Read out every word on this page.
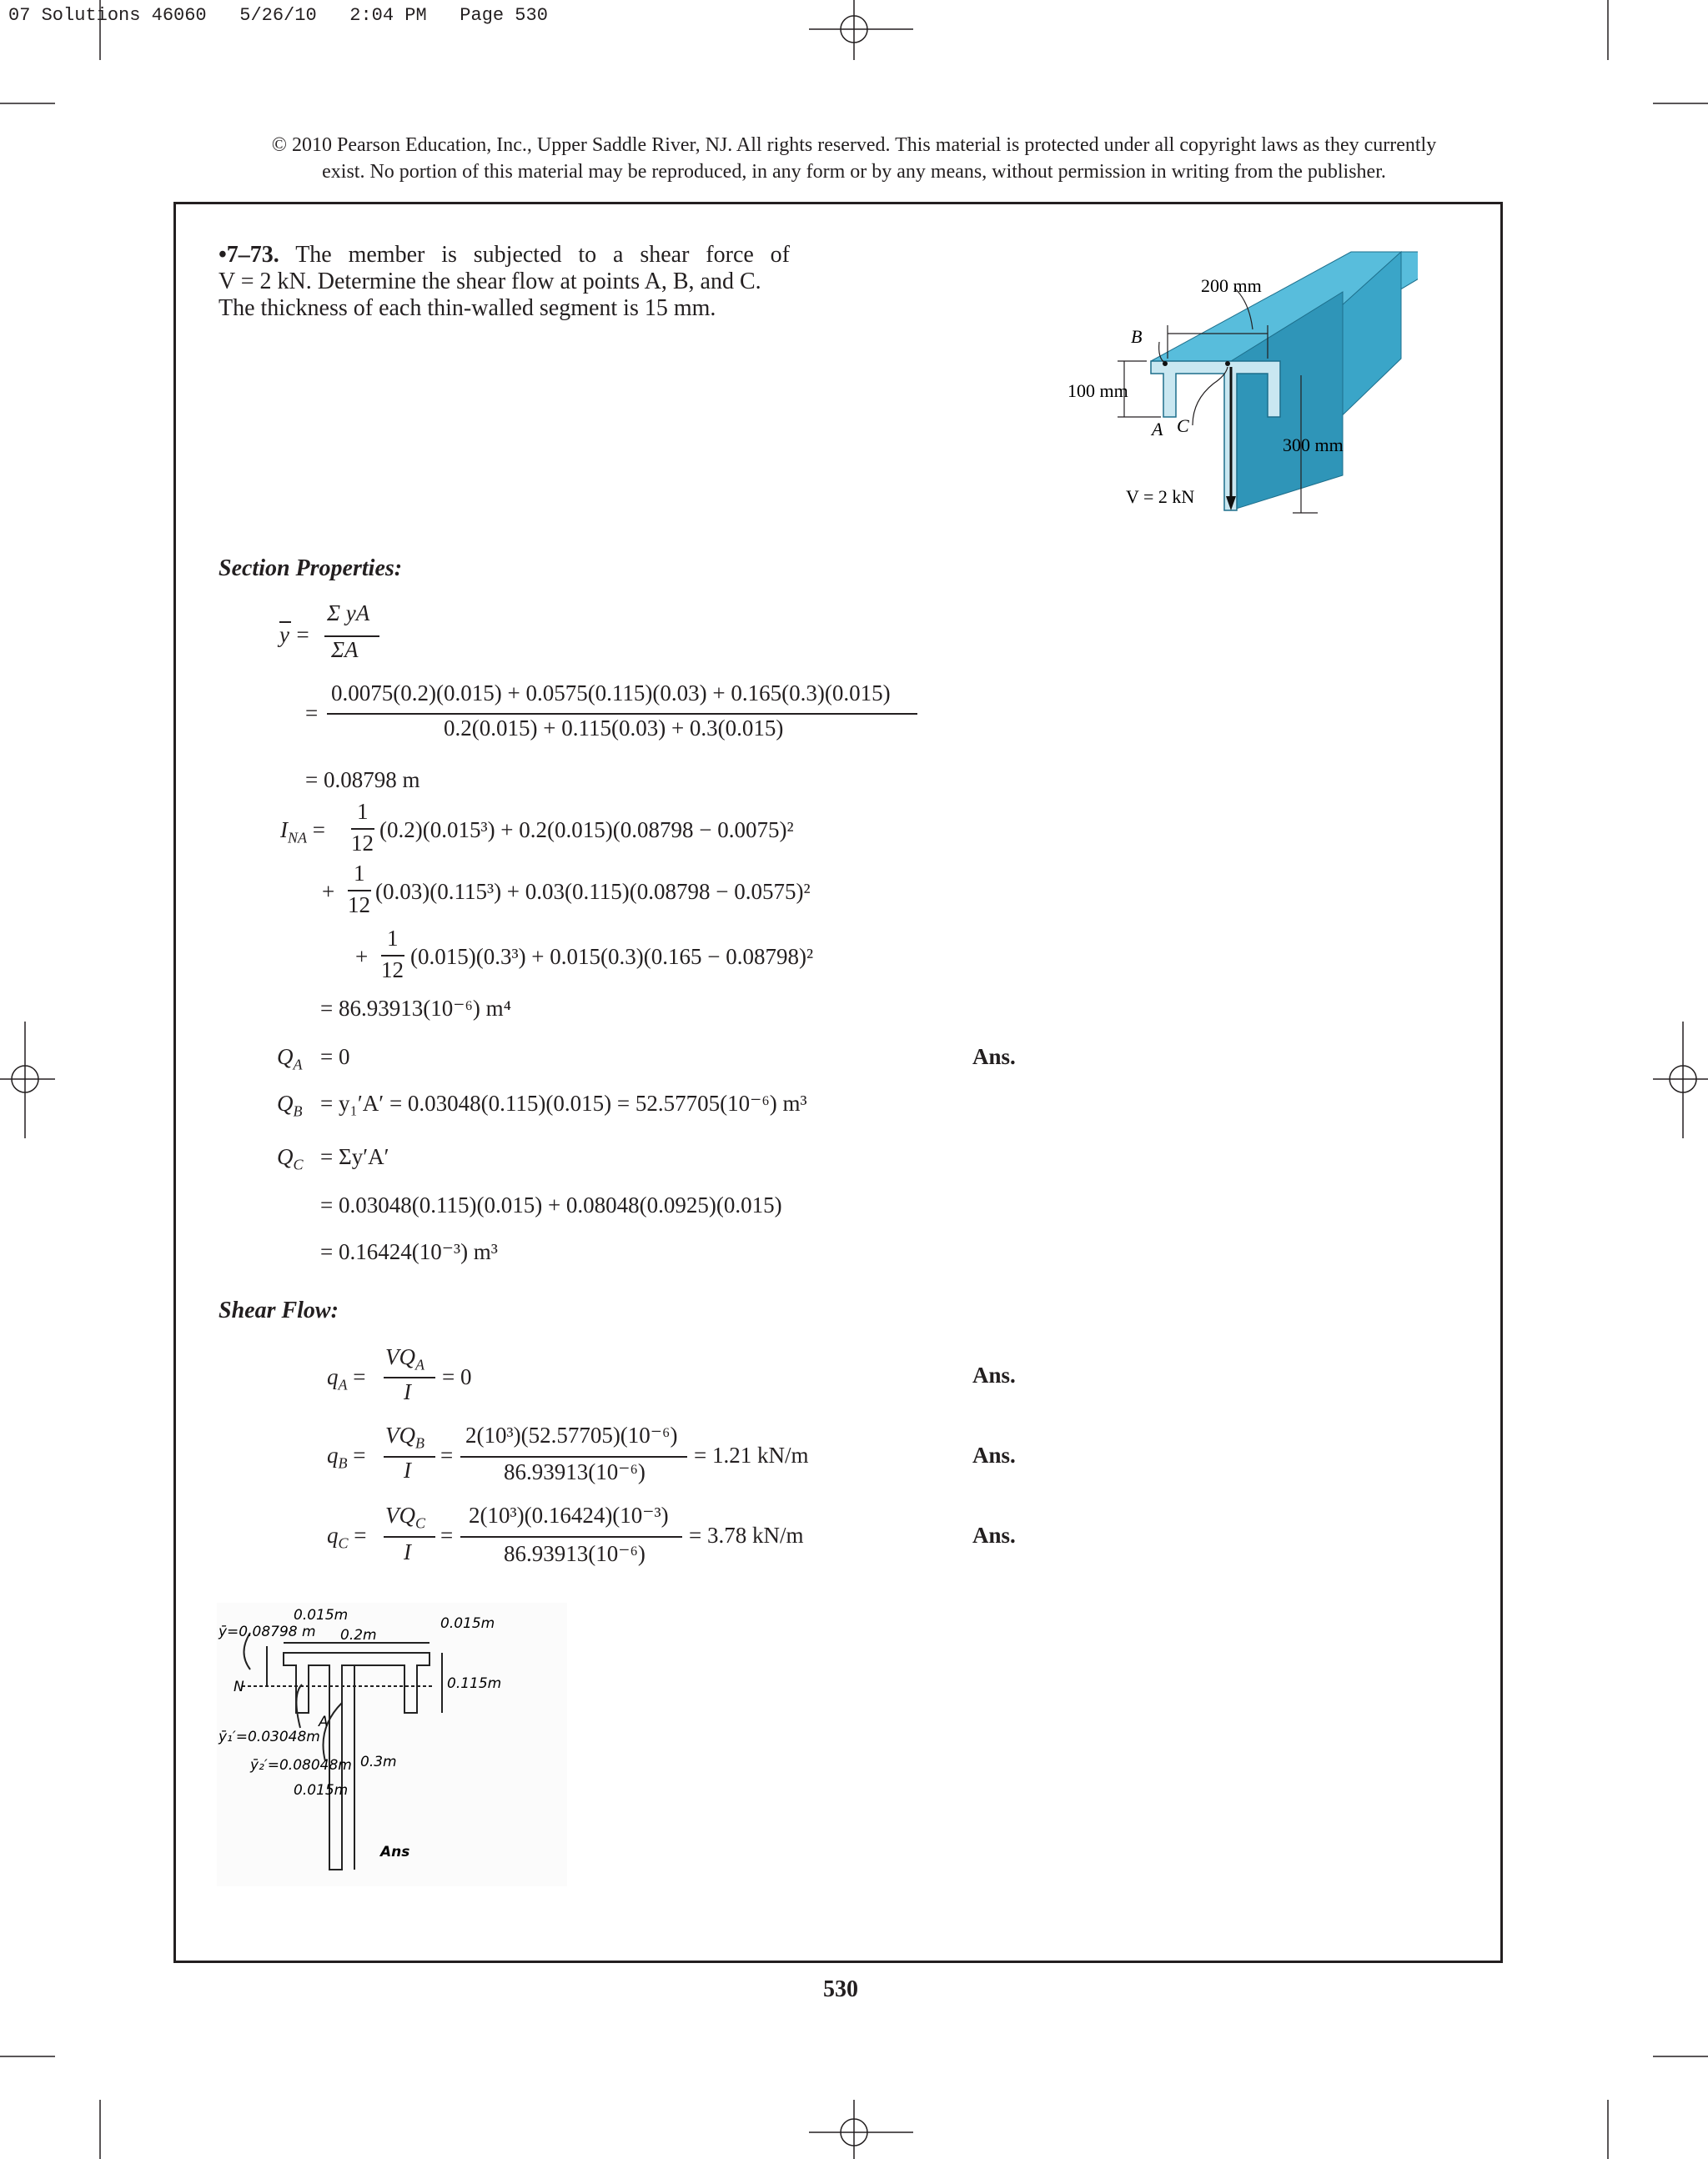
07 Solutions 46060   5/26/10   2:04 PM   Page 530
© 2010 Pearson Education, Inc., Upper Saddle River, NJ. All rights reserved. This material is protected under all copyright laws as they currently
exist. No portion of this material may be reproduced, in any form or by any means, without permission in writing from the publisher.
•7–73. The member is subjected to a shear force of
V = 2 kN. Determine the shear flow at points A, B, and C.
The thickness of each thin-walled segment is 15 mm.
200 mm
100 mm
300 mm
B
A C
V = 2 kN
Section Properties:
y =
Σ yA
ΣA
=
0.0075(0.2)(0.015) + 0.0575(0.115)(0.03) + 0.165(0.3)(0.015)
0.2(0.015) + 0.115(0.03) + 0.3(0.015)
= 0.08798 m
$I_{NA}$ =
1
12
(0.2)(0.015³) + 0.2(0.015)(0.08798 − 0.0075)²
+
1
12
(0.03)(0.115³) + 0.03(0.115)(0.08798 − 0.0575)²
+
1
12
(0.015)(0.3³) + 0.015(0.3)(0.165 − 0.08798)²
= 86.93913(10⁻⁶) m⁴
$Q_A = 0$	Ans.
$Q_B = y_1'A' = 0.03048(0.115)(0.015) = 52.57705(10^{-6})$ m³
$Q_C = \Sigma y'A'$
= 0.03048(0.115)(0.015) + 0.08048(0.0925)(0.015)
= 0.16424(10⁻³) m³
Shear Flow:
$q_A$ =
$VQ_A$
I
= 0	Ans.
$q_B$ =
$VQ_B$
I
=
2(10³)(52.57705)(10⁻⁶)
86.93913(10⁻⁶)
= 1.21 kN/m	Ans.
$q_C$ =
$VQ_C$
I
=
2(10³)(0.16424)(10⁻³)
86.93913(10⁻⁶)
= 3.78 kN/m	Ans.
ȳ=0.08798 m
0.015m
0.2m
0.015m
0.115m
N
A
ȳ₁′=0.03048m
ȳ₂′=0.08048m 0.3m
0.015m
Ans
530
